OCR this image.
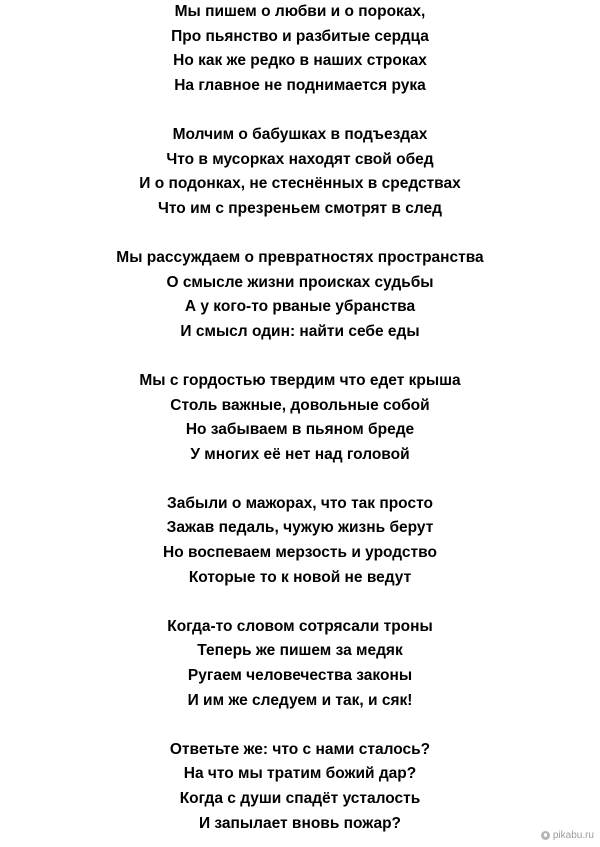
Мы пишем о любви и о пороках,
Про пьянство и разбитые сердца
Но как же редко в наших строках
На главное не поднимается рука
Молчим о бабушках в подъездах
Что в мусорках находят свой обед
И о подонках, не стеснённых в средствах
Что им с презреньем смотрят в след
Мы рассуждаем о превратностях пространства
О смысле жизни происках судьбы
А у кого-то рваные убранства
И смысл один: найти себе еды
Мы с гордостью твердим что едет крыша
Столь важные, довольные собой
Но забываем в пьяном бреде
У многих её нет над головой
Забыли о мажорах, что так просто
Зажав педаль, чужую жизнь берут
Но воспеваем мерзость и уродство
Которые то к новой не ведут
Когда-то словом сотрясали троны
Теперь же пишем за медяк
Ругаем человечества законы
И им же следуем и так, и сяк!
Ответьте же: что с нами сталось?
На что мы тратим божий дар?
Когда с души спадёт усталость
И запылает вновь пожар?
pikabu.ru
